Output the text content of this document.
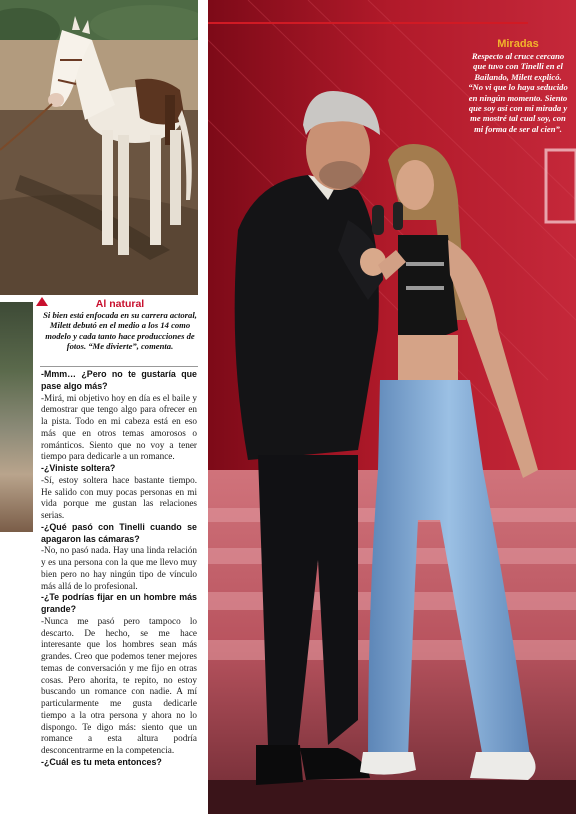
Miradas
Respecto al cruce cercano que tuvo con Tinelli en el Bailando, Milett explicó. “No vi que lo haya seducido en ningún momento. Siento que soy así con mi mirada y me mostré tal cual soy, con mi forma de ser al cien”.
Al natural
Si bien está enfocada en su carrera actoral, Milett debutó en el medio a los 14 como modelo y cada tanto hace producciones de fotos. “Me divierte”, comenta.

-Mmm… ¿Pero no te gustaría que pase algo más?

-Mirá, mi objetivo hoy en día es el baile y demostrar que tengo algo para ofrecer en la pista. Todo en mi cabeza está en eso más que en otros temas amorosos o románticos. Siento que no voy a tener tiempo para dedicarle a un romance.

-¿Viniste soltera?

-Sí, estoy soltera hace bastante tiempo. He salido con muy pocas personas en mi vida porque me gustan las relaciones serias.

-¿Qué pasó con Tinelli cuando se apagaron las cámaras?

-No, no pasó nada. Hay una linda relación y es una persona con la que me llevo muy bien pero no hay ningún tipo de vínculo más allá de lo profesional.

-¿Te podrías fijar en un hombre más grande?

-Nunca me pasó pero tampoco lo descarto. De hecho, se me hace interesante que los hombres sean más grandes. Creo que podemos tener mejores temas de conversación y me fijo en otras cosas. Pero ahorita, te repito, no estoy buscando un romance con nadie. A mí particularmente me gusta dedicarle tiempo a la otra persona y ahora no lo dispongo. Te digo más: siento que un romance a esta altura podría desconcentrarme en la competencia.

-¿Cuál es tu meta entonces?
